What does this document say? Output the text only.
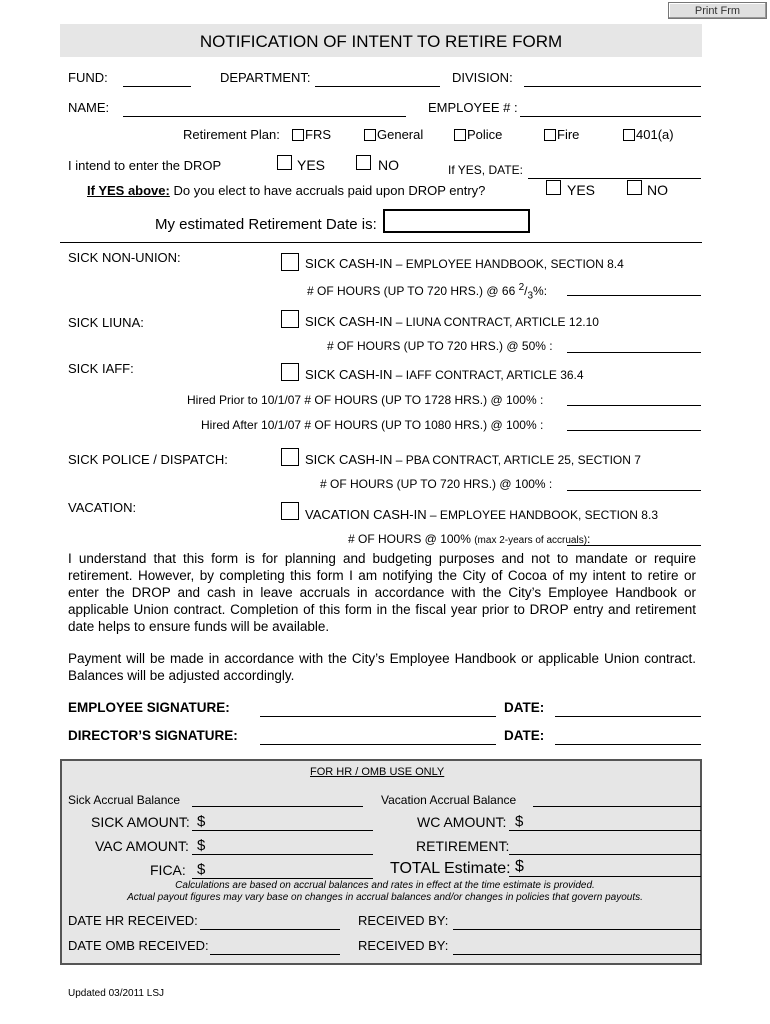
Print Frm
NOTIFICATION OF INTENT TO RETIRE FORM
FUND:	DEPARTMENT:	DIVISION:
NAME:	EMPLOYEE # :
Retirement Plan: FRS	General	Police	Fire	401(a)
I intend to enter the DROP	YES	NO	If YES, DATE:
If YES above: Do you elect to have accruals paid upon DROP entry?	YES	NO
My estimated Retirement Date is:
SICK NON-UNION:	SICK CASH-IN – EMPLOYEE HANDBOOK, SECTION 8.4
# OF HOURS (UP TO 720 HRS.) @ 66 $^2/_3\%$:
SICK LIUNA:	SICK CASH-IN – LIUNA CONTRACT, ARTICLE 12.10
# OF HOURS (UP TO 720 HRS.) @ 50% :
SICK IAFF:	SICK CASH-IN – IAFF CONTRACT, ARTICLE 36.4
Hired Prior to 10/1/07 # OF HOURS (UP TO 1728 HRS.) @ 100% :
Hired After 10/1/07 # OF HOURS (UP TO 1080 HRS.) @ 100% :
SICK POLICE / DISPATCH:	SICK CASH-IN – PBA CONTRACT, ARTICLE 25, SECTION 7
# OF HOURS (UP TO 720 HRS.) @ 100% :
VACATION:	VACATION CASH-IN – EMPLOYEE HANDBOOK, SECTION 8.3
# OF HOURS @ 100% (max 2-years of accruals):
I understand that this form is for planning and budgeting purposes and not to mandate or require retirement. However, by completing this form I am notifying the City of Cocoa of my intent to retire or enter the DROP and cash in leave accruals in accordance with the City’s Employee Handbook or applicable Union contract. Completion of this form in the fiscal year prior to DROP entry and retirement date helps to ensure funds will be available.
Payment will be made in accordance with the City’s Employee Handbook or applicable Union contract. Balances will be adjusted accordingly.
EMPLOYEE SIGNATURE:	DATE:
DIRECTOR’S SIGNATURE:	DATE:
FOR HR / OMB USE ONLY
Sick Accrual Balance	Vacation Accrual Balance
SICK AMOUNT: $	WC AMOUNT: $
VAC AMOUNT: $	RETIREMENT:
FICA: $	TOTAL Estimate: $
Calculations are based on accrual balances and rates in effect at the time estimate is provided.
Actual payout figures may vary base on changes in accrual balances and/or changes in policies that govern payouts.
DATE HR RECEIVED:	RECEIVED BY:
DATE OMB RECEIVED:	RECEIVED BY:
Updated 03/2011 LSJ
